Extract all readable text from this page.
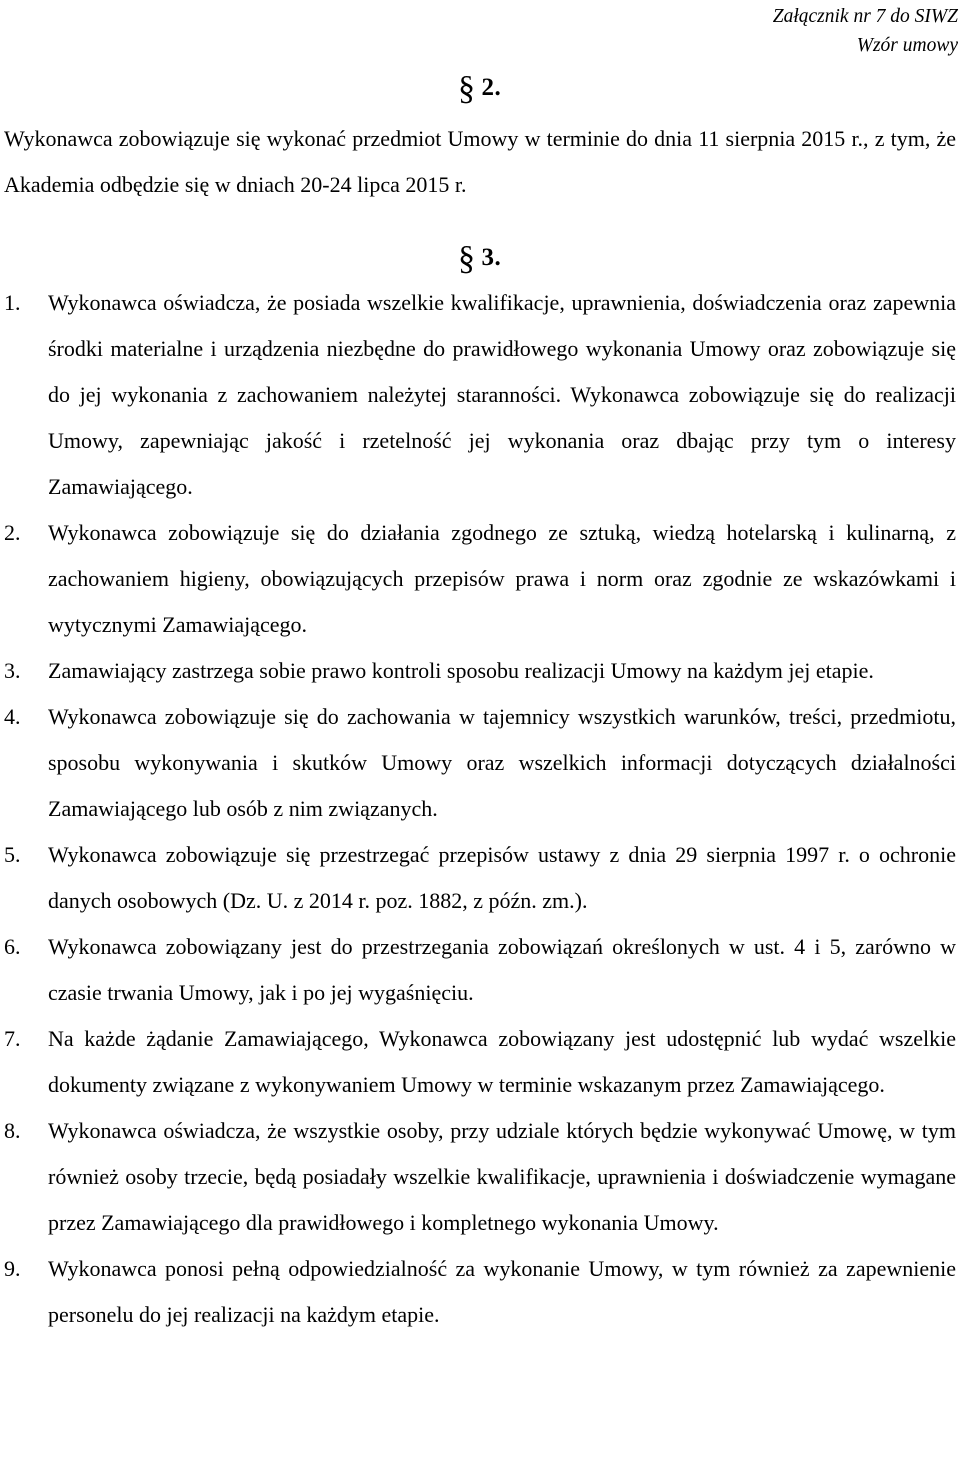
Załącznik nr 7 do SIWZ
Wzór umowy
§ 2.
Wykonawca zobowiązuje się wykonać przedmiot Umowy w terminie do dnia 11 sierpnia 2015 r., z tym, że Akademia odbędzie się w dniach 20-24 lipca 2015 r.
§ 3.
1. Wykonawca oświadcza, że posiada wszelkie kwalifikacje, uprawnienia, doświadczenia oraz zapewnia środki materialne i urządzenia niezbędne do prawidłowego wykonania Umowy oraz zobowiązuje się do jej wykonania z zachowaniem należytej staranności. Wykonawca zobowiązuje się do realizacji Umowy, zapewniając jakość i rzetelność jej wykonania oraz dbając przy tym o interesy Zamawiającego.
2. Wykonawca zobowiązuje się do działania zgodnego ze sztuką, wiedzą hotelarską i kulinarną, z zachowaniem higieny, obowiązujących przepisów prawa i norm oraz zgodnie ze wskazówkami i wytycznymi Zamawiającego.
3. Zamawiający zastrzega sobie prawo kontroli sposobu realizacji Umowy na każdym jej etapie.
4. Wykonawca zobowiązuje się do zachowania w tajemnicy wszystkich warunków, treści, przedmiotu, sposobu wykonywania i skutków Umowy oraz wszelkich informacji dotyczących działalności Zamawiającego lub osób z nim związanych.
5. Wykonawca zobowiązuje się przestrzegać przepisów ustawy z dnia 29 sierpnia 1997 r. o ochronie danych osobowych (Dz. U. z 2014 r. poz. 1882, z późn. zm.).
6. Wykonawca zobowiązany jest do przestrzegania zobowiązań określonych w ust. 4 i 5, zarówno w czasie trwania Umowy, jak i po jej wygaśnięciu.
7. Na każde żądanie Zamawiającego, Wykonawca zobowiązany jest udostępnić lub wydać wszelkie dokumenty związane z wykonywaniem Umowy w terminie wskazanym przez Zamawiającego.
8. Wykonawca oświadcza, że wszystkie osoby, przy udziale których będzie wykonywać Umowę, w tym również osoby trzecie, będą posiadały wszelkie kwalifikacje, uprawnienia i doświadczenie wymagane przez Zamawiającego dla prawidłowego i kompletnego wykonania Umowy.
9. Wykonawca ponosi pełną odpowiedzialność za wykonanie Umowy, w tym również za zapewnienie personelu do jej realizacji na każdym etapie.
